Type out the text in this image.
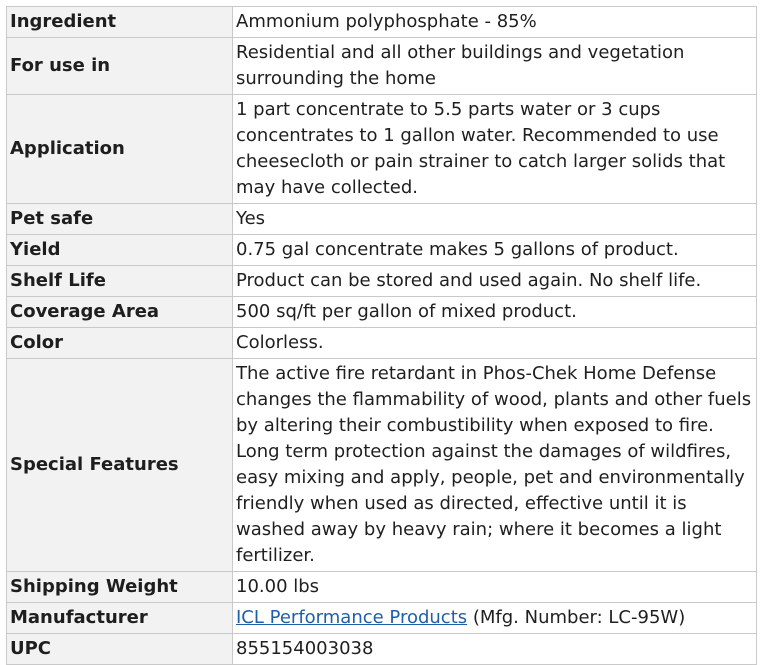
Ingredient	Ammonium polyphosphate - 85%
For use in	Residential and all other buildings and vegetation surrounding the home
Application	1 part concentrate to 5.5 parts water or 3 cups concentrates to 1 gallon water. Recommended to use cheesecloth or pain strainer to catch larger solids that may have collected.
Pet safe	Yes
Yield	0.75 gal concentrate makes 5 gallons of product.
Shelf Life	Product can be stored and used again. No shelf life.
Coverage Area	500 sq/ft per gallon of mixed product.
Color	Colorless.
Special Features	The active fire retardant in Phos-Chek Home Defense changes the flammability of wood, plants and other fuels by altering their combustibility when exposed to fire. Long term protection against the damages of wildfires, easy mixing and apply, people, pet and environmentally friendly when used as directed, effective until it is washed away by heavy rain; where it becomes a light fertilizer.
Shipping Weight	10.00 lbs
Manufacturer	ICL Performance Products (Mfg. Number: LC-95W)
UPC	855154003038
